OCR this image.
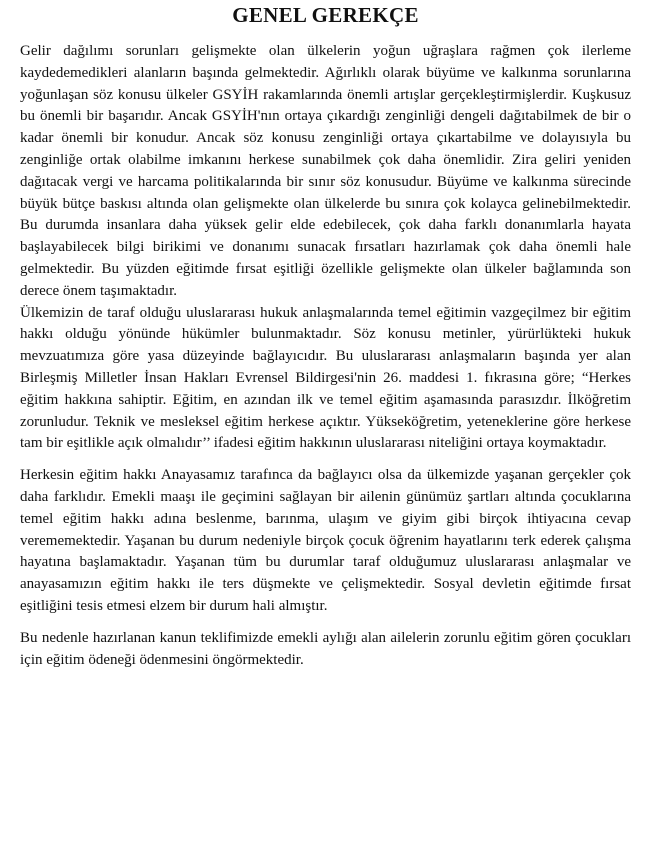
GENEL GEREKÇE

Gelir dağılımı sorunları gelişmekte olan ülkelerin yoğun uğraşlara rağmen çok ilerleme kaydedemedikleri alanların başında gelmektedir. Ağırlıklı olarak büyüme ve kalkınma sorunlarına yoğunlaşan söz konusu ülkeler GSYİH rakamlarında önemli artışlar gerçekleştirmişlerdir. Kuşkusuz bu önemli bir başarıdır. Ancak GSYİH'nın ortaya çıkardığı zenginliği dengeli dağıtabilmek de bir o kadar önemli bir konudur. Ancak söz konusu zenginliği ortaya çıkartabilme ve dolayısıyla bu zenginliğe ortak olabilme imkanını herkese sunabilmek çok daha önemlidir. Zira geliri yeniden dağıtacak vergi ve harcama politikalarında bir sınır söz konusudur. Büyüme ve kalkınma sürecinde büyük bütçe baskısı altında olan gelişmekte olan ülkelerde bu sınıra çok kolayca gelinebilmektedir. Bu durumda insanlara daha yüksek gelir elde edebilecek, çok daha farklı donanımlarla hayata başlayabilecek bilgi birikimi ve donanımı sunacak fırsatları hazırlamak çok daha önemli hale gelmektedir. Bu yüzden eğitimde fırsat eşitliği özellikle gelişmekte olan ülkeler bağlamında son derece önem taşımaktadır.

Ülkemizin de taraf olduğu uluslararası hukuk anlaşmalarında temel eğitimin vazgeçilmez bir eğitim hakkı olduğu yönünde hükümler bulunmaktadır. Söz konusu metinler, yürürlükteki hukuk mevzuatımıza göre yasa düzeyinde bağlayıcıdır. Bu uluslararası anlaşmaların başında yer alan Birleşmiş Milletler İnsan Hakları Evrensel Bildirgesi'nin 26. maddesi 1. fıkrasına göre; “Herkes eğitim hakkına sahiptir. Eğitim, en azından ilk ve temel eğitim aşamasında parasızdır. İlköğretim zorunludur. Teknik ve mesleksel eğitim herkese açıktır. Yükseköğretim, yeteneklerine göre herkese tam bir eşitlikle açık olmalıdır’’ ifadesi eğitim hakkının uluslararası niteliğini ortaya koymaktadır.

Herkesin eğitim hakkı Anayasamız tarafınca da bağlayıcı olsa da ülkemizde yaşanan gerçekler çok daha farklıdır. Emekli maaşı ile geçimini sağlayan bir ailenin günümüz şartları altında çocuklarına temel eğitim hakkı adına beslenme, barınma, ulaşım ve giyim gibi birçok ihtiyacına cevap verememektedir. Yaşanan bu durum nedeniyle birçok çocuk öğrenim hayatlarını terk ederek çalışma hayatına başlamaktadır. Yaşanan tüm bu durumlar taraf olduğumuz uluslararası anlaşmalar ve anayasamızın eğitim hakkı ile ters düşmekte ve çelişmektedir. Sosyal devletin eğitimde fırsat eşitliğini tesis etmesi elzem bir durum hali almıştır.

Bu nedenle hazırlanan kanun teklifimizde emekli aylığı alan ailelerin zorunlu eğitim gören çocukları için eğitim ödeneği ödenmesini öngörmektedir.
